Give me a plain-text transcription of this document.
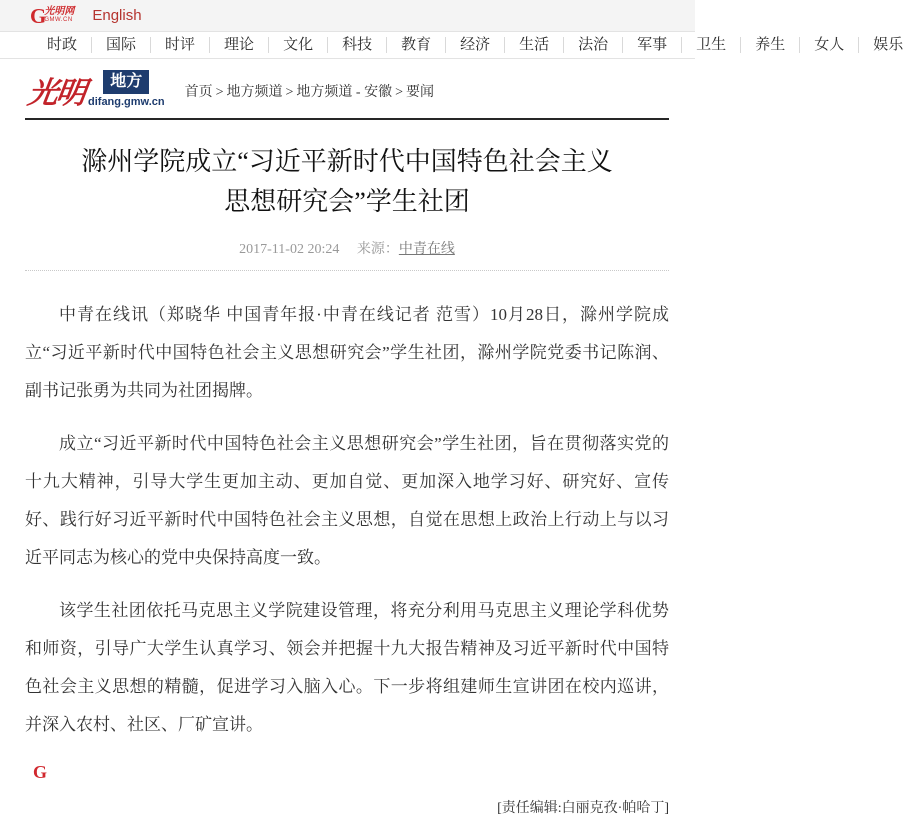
G
光明网
GMW.CN English
时政	国际	时评	理论	文化	科技	教育	经济	生活	法治	军事	卫生	养生	女人	娱乐
光明	地方
difang.gmw.cn
首页 > 地方频道 > 地方频道 - 安徽 > 要闻
滁州学院成立“习近平新时代中国特色社会主义思想研究会”学生社团
2017-11-02 20:24 来源：中青在线

中青在线讯（郑晓华 中国青年报·中青在线记者 范雪）10月28日，滁州学院成立“习近平新时代中国特色社会主义思想研究会”学生社团，滁州学院党委书记陈润、副书记张勇为共同为社团揭牌。

成立“习近平新时代中国特色社会主义思想研究会”学生社团，旨在贯彻落实党的十九大精神，引导大学生更加主动、更加自觉、更加深入地学习好、研究好、宣传好、践行好习近平新时代中国特色社会主义思想，自觉在思想上政治上行动上与以习近平同志为核心的党中央保持高度一致。

该学生社团依托马克思主义学院建设管理，将充分利用马克思主义理论学科优势和师资，引导广大学生认真学习、领会并把握十九大报告精神及习近平新时代中国特色社会主义思想的精髓，促进学习入脑入心。下一步将组建师生宣讲团在校内巡讲，并深入农村、社区、厂矿宣讲。

G
[责任编辑:白丽克孜·帕哈丁]
